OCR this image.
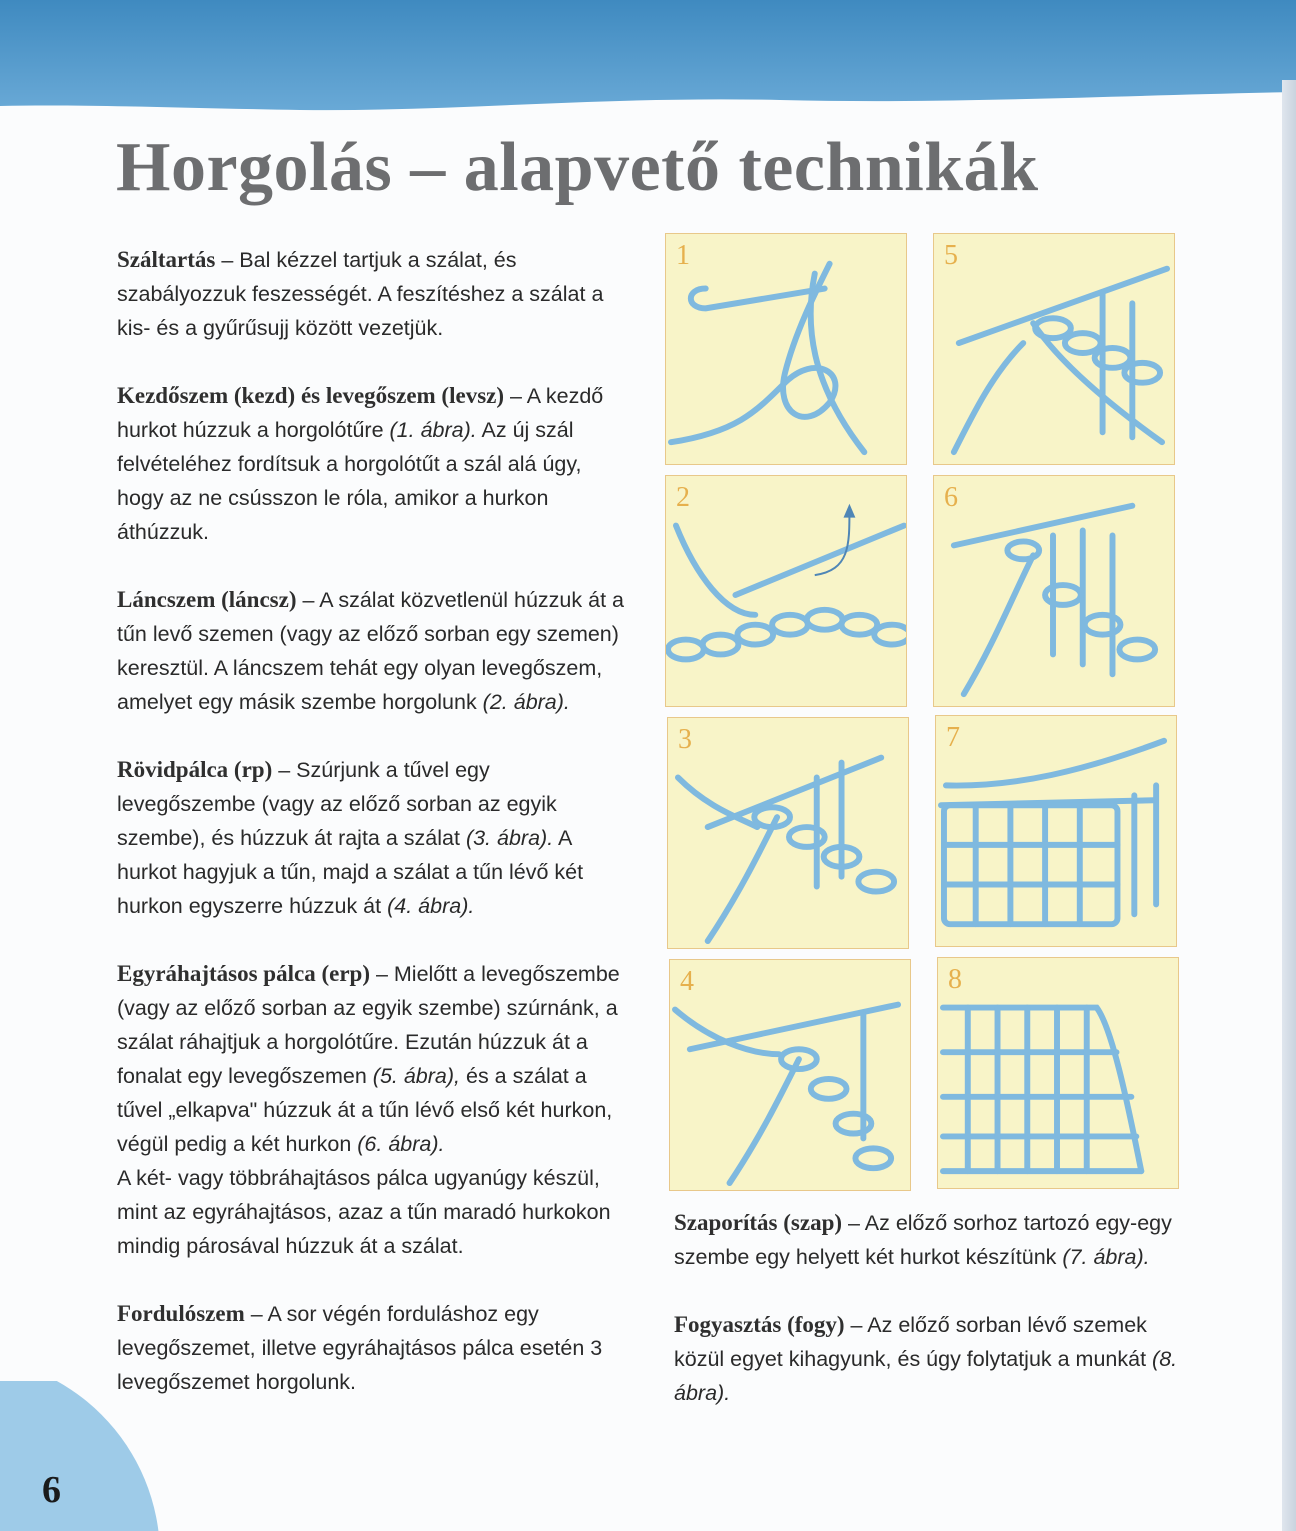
Horgolás – alapvető technikák

Száltartás – Bal kézzel tartjuk a szálat, és szabályozzuk feszességét. A feszítéshez a szálat a kis- és a gyűrűsujj között vezetjük.

Kezdőszem (kezd) és levegőszem (levsz) – A kezdő hurkot húzzuk a horgolótűre (1. ábra). Az új szál felvételéhez fordítsuk a horgolótűt a szál alá úgy, hogy az ne csússzon le róla, amikor a hurkon áthúzzuk.

Láncszem (láncsz) – A szálat közvetlenül húzzuk át a tűn levő szemen (vagy az előző sorban egy szemen) keresztül. A láncszem tehát egy olyan levegőszem, amelyet egy másik szembe horgolunk (2. ábra).

Rövidpálca (rp) – Szúrjunk a tűvel egy levegőszembe (vagy az előző sorban az egyik szembe), és húzzuk át rajta a szálat (3. ábra). A hurkot hagyjuk a tűn, majd a szálat a tűn lévő két hurkon egyszerre húzzuk át (4. ábra).

Egyráhajtásos pálca (erp) – Mielőtt a levegőszembe (vagy az előző sorban az egyik szembe) szúrnánk, a szálat ráhajtjuk a horgolótűre. Ezután húzzuk át a fonalat egy levegőszemen (5. ábra), és a szálat a tűvel „elkapva" húzzuk át a tűn lévő első két hurkon, végül pedig a két hurkon (6. ábra).

A két- vagy többráhajtásos pálca ugyanúgy készül, mint az egyráhajtásos, azaz a tűn maradó hurkokon mindig párosával húzzuk át a szálat.

Fordulószem – A sor végén forduláshoz egy levegőszemet, illetve egyráhajtásos pálca esetén 3 levegőszemet horgolunk.

Szaporítás (szap) – Az előző sorhoz tartozó egy-egy szembe egy helyett két hurkot készítünk (7. ábra).

Fogyasztás (fogy) – Az előző sorban lévő szemek közül egyet kihagyunk, és úgy folytatjuk a munkát (8. ábra).

1	5
2	6
3	7
4	8
6
